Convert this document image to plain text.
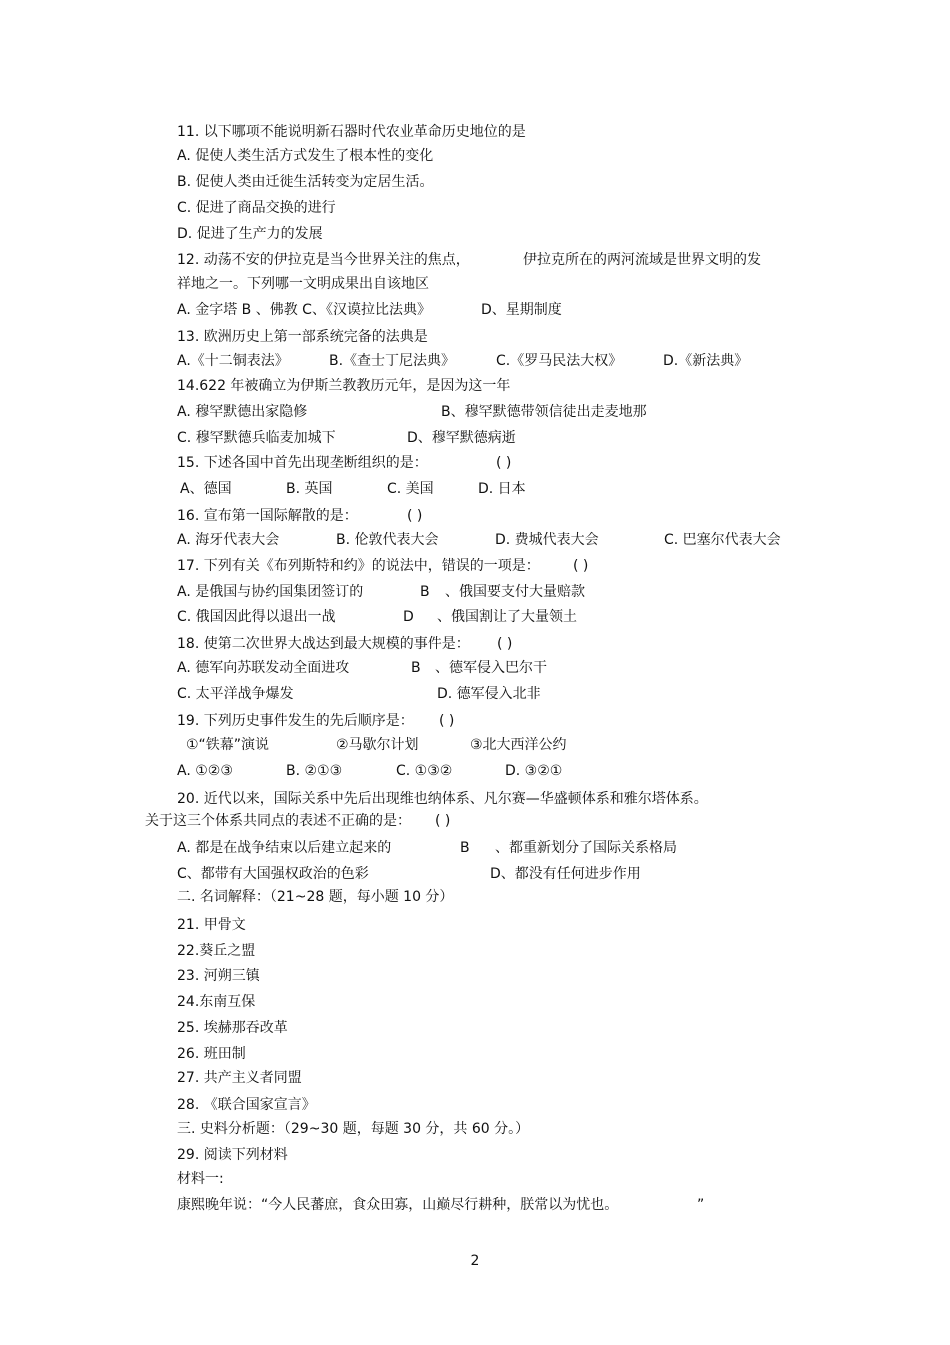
11. 以下哪项不能说明新石器时代农业革命历史地位的是
A. 促使人类生活方式发生了根本性的变化
B. 促使人类由迁徙生活转变为定居生活。
C. 促进了商品交换的进行
D. 促进了生产力的发展
12. 动荡不安的伊拉克是当今世界关注的焦点，	伊拉克所在的两河流域是世界文明的发
祥地之一。下列哪一文明成果出自该地区
A. 金字塔 B 、佛教 C、《汉谟拉比法典》	D、星期制度
13. 欧洲历史上第一部系统完备的法典是
A.《十二铜表法》	B.《查士丁尼法典》	C.《罗马民法大权》	D.《新法典》
14.622 年被确立为伊斯兰教教历元年，是因为这一年
A. 穆罕默德出家隐修	B、穆罕默德带领信徒出走麦地那
C. 穆罕默德兵临麦加城下	D、穆罕默德病逝
15. 下述各国中首先出现垄断组织的是：	( )
A、德国	B. 英国	C. 美国	D. 日本
16. 宣布第一国际解散的是：	( )
A. 海牙代表大会	B. 伦敦代表大会	D. 费城代表大会	C. 巴塞尔代表大会
17. 下列有关《布列斯特和约》的说法中，错误的一项是： ( )
A. 是俄国与协约国集团签订的	B 、俄国要支付大量赔款
C. 俄国因此得以退出一战	D 、俄国割让了大量领土
18. 使第二次世界大战达到最大规模的事件是： ( )
A. 德军向苏联发动全面进攻	B 、德军侵入巴尔干
C. 太平洋战争爆发	D. 德军侵入北非
19. 下列历史事件发生的先后顺序是： ( )
①“铁幕”演说	②马歇尔计划	③北大西洋公约
A. ①②③	B. ②①③	C. ①③②	D. ③②①
20. 近代以来，国际关系中先后出现维也纳体系、凡尔赛—华盛顿体系和雅尔塔体系。
关于这三个体系共同点的表述不正确的是： ( )
A. 都是在战争结束以后建立起来的	B 、都重新划分了国际关系格局
C、都带有大国强权政治的色彩	D、都没有任何进步作用
二. 名词解释：（21~28 题，每小题 10 分）
21. 甲骨文
22.葵丘之盟
23. 河朔三镇
24.东南互保
25. 埃赫那吞改革
26. 班田制
27. 共产主义者同盟
28. 《联合国家宣言》
三. 史料分析题：（29~30 题，每题 30 分，共 60 分。）
29. 阅读下列材料
材料一:
康熙晚年说：“今人民蕃庶，食众田寡，山巅尽行耕种，朕常以为忧也。	”
2
